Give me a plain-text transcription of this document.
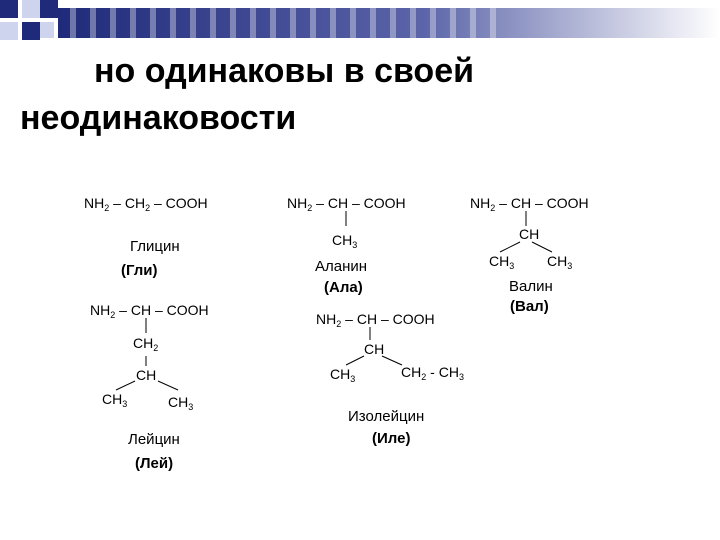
но одинаковы в своей
неодинаковости
$NH_2 - CH_2$ – COOH
Глицин
(Гли)
$NH_2$ – CH – COOH
$CH_3$
Аланин
(Ала)
$NH_2$ – CH – COOH
CH
$CH_3$ $CH_3$
Валин
(Вал)
$NH_2$ – CH – COOH
$CH_2$
CH
$CH_3$	$CH_3$
Лейцин
(Лей)
$NH_2$ – CH – COOH
CH
$CH_3$	$CH_2 - CH_3$
Изолейцин
(Иле)
